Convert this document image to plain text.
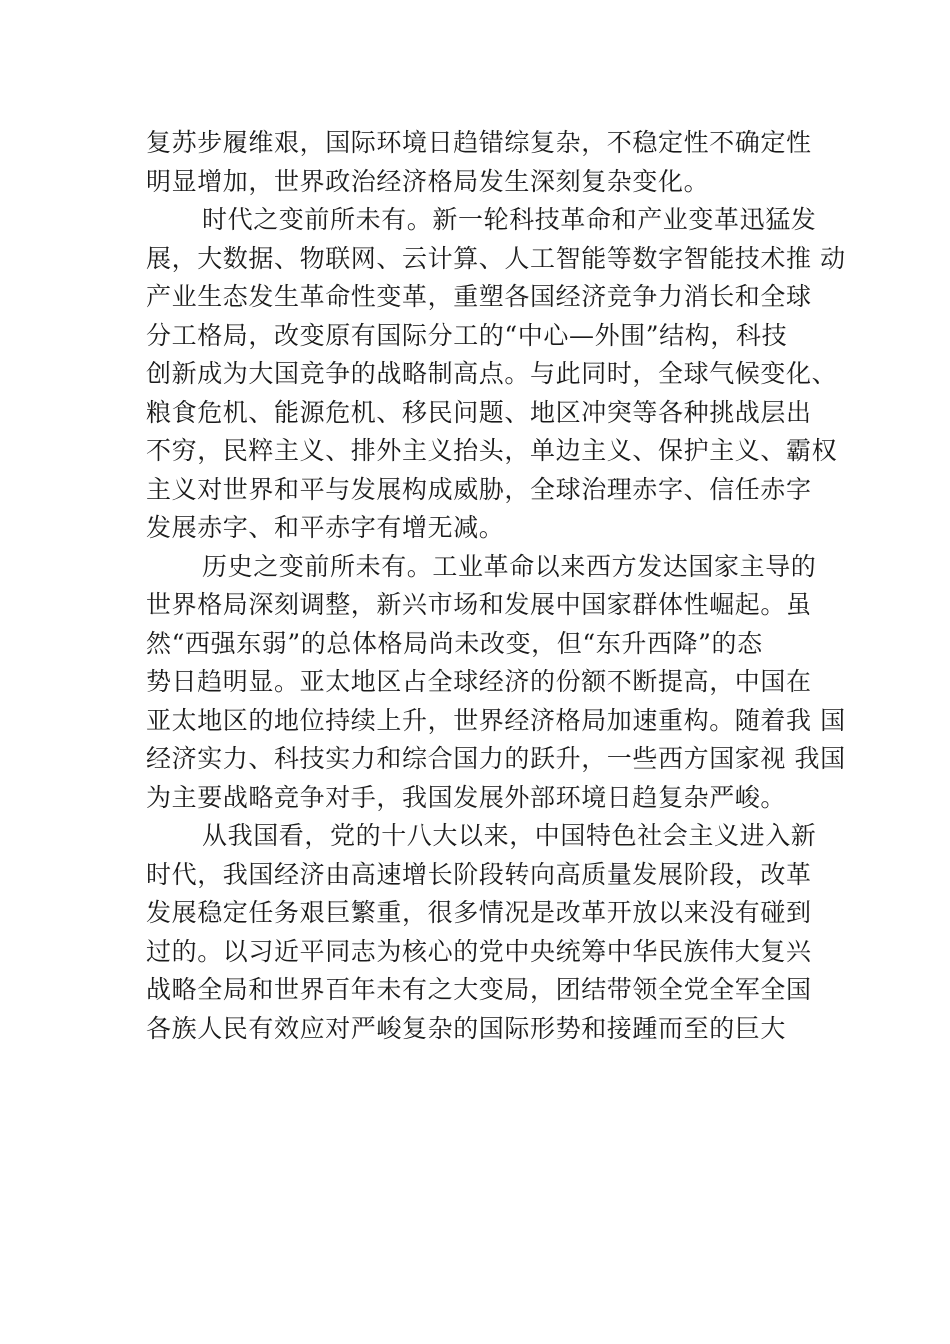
复苏步履维艰，国际环境日趋错综复杂，不稳定性不确定性
明显增加，世界政治经济格局发生深刻复杂变化。
时代之变前所未有。新一轮科技革命和产业变革迅猛发
展，大数据、物联网、云计算、人工智能等数字智能技术推 动
产业生态发生革命性变革，重塑各国经济竞争力消长和全球
分工格局，改变原有国际分工的“中心—外围”结构，科技
创新成为大国竞争的战略制高点。与此同时，全球气候变化、
粮食危机、能源危机、移民问题、地区冲突等各种挑战层出
不穷，民粹主义、排外主义抬头，单边主义、保护主义、霸权
主义对世界和平与发展构成威胁，全球治理赤字、信任赤字
发展赤字、和平赤字有增无减。
历史之变前所未有。工业革命以来西方发达国家主导的
世界格局深刻调整，新兴市场和发展中国家群体性崛起。虽
然“西强东弱”的总体格局尚未改变，但“东升西降”的态
势日趋明显。亚太地区占全球经济的份额不断提高，中国在
亚太地区的地位持续上升，世界经济格局加速重构。随着我 国
经济实力、科技实力和综合国力的跃升，一些西方国家视 我国
为主要战略竞争对手，我国发展外部环境日趋复杂严峻。
从我国看，党的十八大以来，中国特色社会主义进入新
时代，我国经济由高速增长阶段转向高质量发展阶段，改革
发展稳定任务艰巨繁重，很多情况是改革开放以来没有碰到
过的。以习近平同志为核心的党中央统筹中华民族伟大复兴
战略全局和世界百年未有之大变局，团结带领全党全军全国
各族人民有效应对严峻复杂的国际形势和接踵而至的巨大
